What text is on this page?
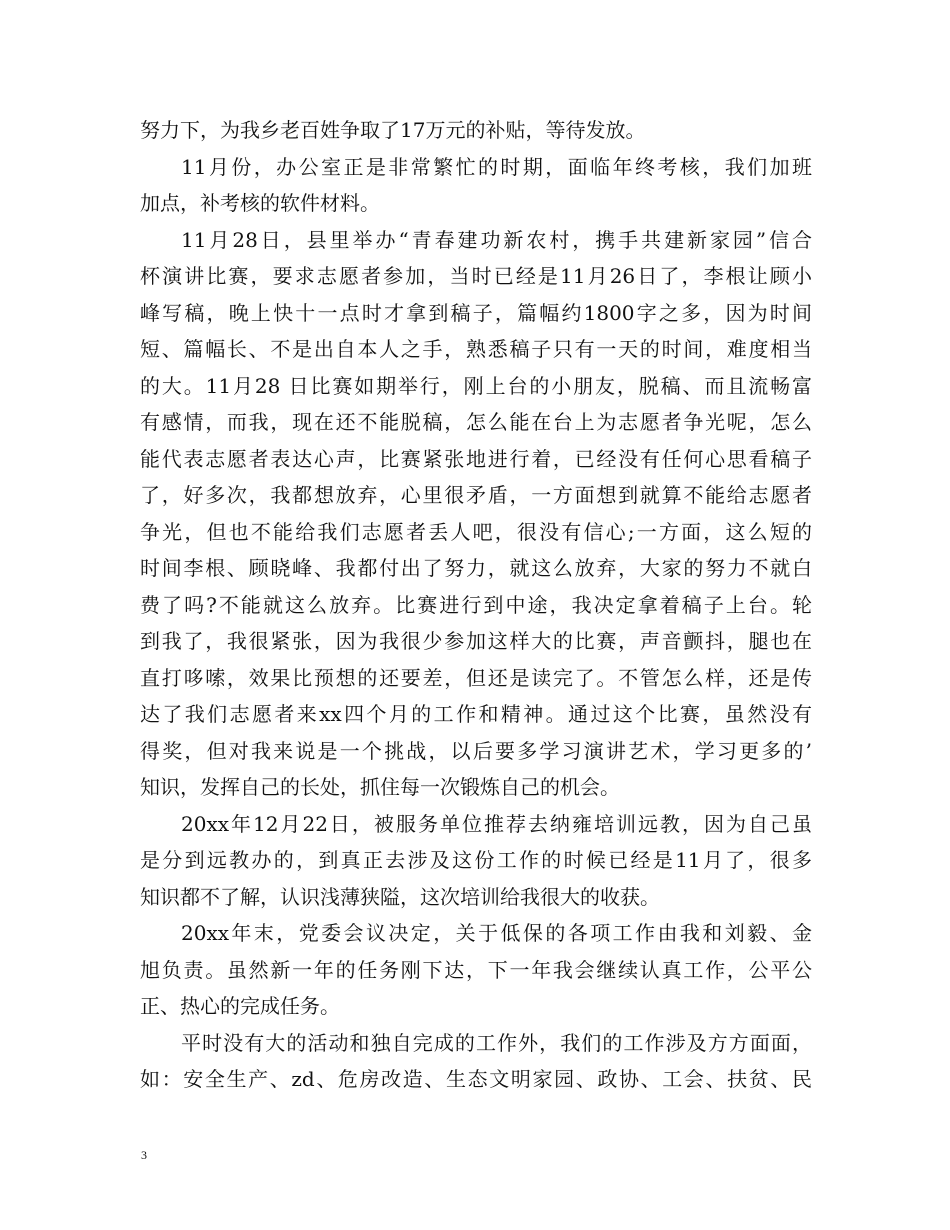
努力下，为我乡老百姓争取了17万元的补贴，等待发放。
11月份，办公室正是非常繁忙的时期，面临年终考核，我们加班
加点，补考核的软件材料。
11月28日，县里举办“青春建功新农村，携手共建新家园”信合
杯演讲比赛，要求志愿者参加，当时已经是11月26日了，李根让顾小
峰写稿，晚上快十一点时才拿到稿子，篇幅约1800字之多，因为时间
短、篇幅长、不是出自本人之手，熟悉稿子只有一天的时间，难度相当
的大。11月28 日比赛如期举行，刚上台的小朋友，脱稿、而且流畅富
有感情，而我，现在还不能脱稿，怎么能在台上为志愿者争光呢，怎么
能代表志愿者表达心声，比赛紧张地进行着，已经没有任何心思看稿子
了，好多次，我都想放弃，心里很矛盾，一方面想到就算不能给志愿者
争光，但也不能给我们志愿者丢人吧，很没有信心;一方面，这么短的
时间李根、顾晓峰、我都付出了努力，就这么放弃，大家的努力不就白
费了吗?不能就这么放弃。比赛进行到中途，我决定拿着稿子上台。轮
到我了，我很紧张，因为我很少参加这样大的比赛，声音颤抖，腿也在
直打哆嗦，效果比预想的还要差，但还是读完了。不管怎么样，还是传
达了我们志愿者来xx四个月的工作和精神。通过这个比赛，虽然没有
得奖，但对我来说是一个挑战，以后要多学习演讲艺术，学习更多的’
知识，发挥自己的长处，抓住每一次锻炼自己的机会。
20xx年12月22日，被服务单位推荐去纳雍培训远教，因为自己虽
是分到远教办的，到真正去涉及这份工作的时候已经是11月了，很多
知识都不了解，认识浅薄狭隘，这次培训给我很大的收获。
20xx年末，党委会议决定，关于低保的各项工作由我和刘毅、金
旭负责。虽然新一年的任务刚下达，下一年我会继续认真工作，公平公
正、热心的完成任务。
平时没有大的活动和独自完成的工作外，我们的工作涉及方方面面，
如：安全生产、zd、危房改造、生态文明家园、政协、工会、扶贫、民
3
